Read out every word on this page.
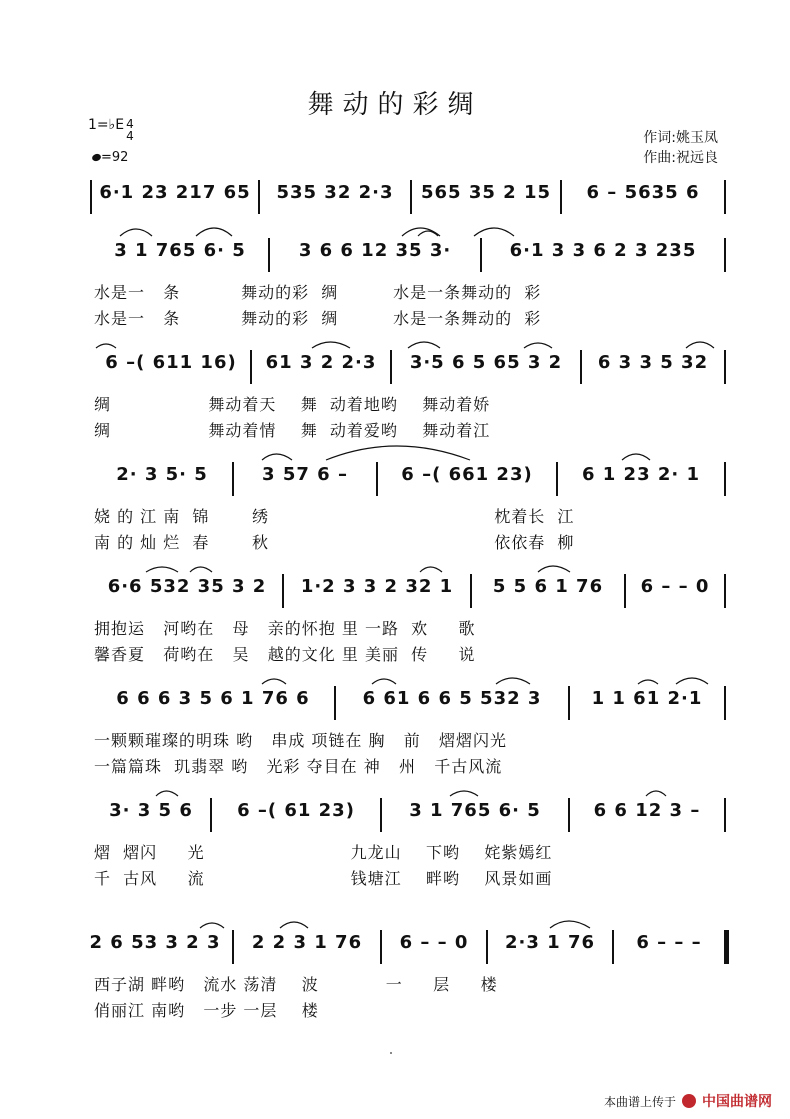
舞动的彩绸
1=♭E 4
4
=92
作词:姚玉凤
作曲:祝远良
6·1 23 217 65	535 32 2·3	565 35 2 15	6 – 5635 6
3 1 765 6· 5	3 6 6 12 35 3·	6·1 3 3 6 2 3 235
水是一   条          舞动的彩  绸         水是一条舞动的  彩
水是一   条          舞动的彩  绸         水是一条舞动的  彩
6 –( 611 16)	61 3 2 2·3	3·5 6 5 65 3 2	6 3 3 5 32
绸                舞动着天    舞  动着地哟    舞动着娇
绸                舞动着情    舞  动着爱哟    舞动着江
2· 3 5· 5	3 57 6 –	6 –( 661 23)	6 1 23 2· 1
娆 的 江 南  锦       绣                                     枕着长  江
南 的 灿 烂  春       秋                                     依依春  柳
6·6 532 35 3 2	1·2 3 3 2 32 1	5 5 6 1 76	6 – – 0
拥抱运   河哟在   母   亲的怀抱 里 一路  欢     歌
馨香夏   荷哟在   吴   越的文化 里 美丽  传     说
6 6 6 3 5 6 1 76 6	6 61 6 6 5 532 3	1 1 61 2·1
一颗颗璀璨的明珠 哟   串成 项链在 胸   前   熠熠闪光
一篇篇珠  玑翡翠 哟   光彩 夺目在 神   州   千古风流
3· 3 5 6	6 –( 61 23)	3 1 765 6· 5	6 6 12 3 –
熠  熠闪     光                        九龙山    下哟    姹紫嫣红
千  古风     流                        钱塘江    畔哟    风景如画
2 6 53 3 2 3	2 2 3 1 76	6 – – 0	2·3 1 76	6 – – –
西子湖 畔哟   流水 荡清    波           一     层     楼
俏丽江 南哟   一步 一层    楼
本曲谱上传于 中国曲谱网
